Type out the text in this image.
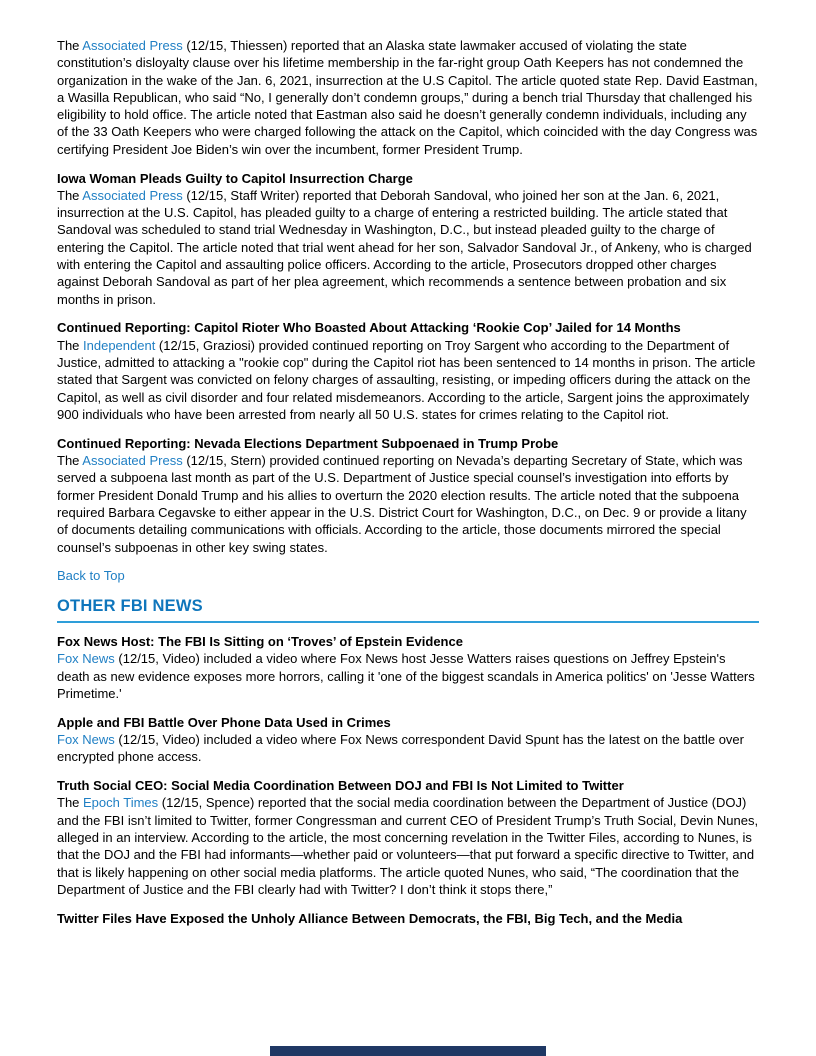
The Associated Press (12/15, Thiessen) reported that an Alaska state lawmaker accused of violating the state constitution’s disloyalty clause over his lifetime membership in the far-right group Oath Keepers has not condemned the organization in the wake of the Jan. 6, 2021, insurrection at the U.S Capitol. The article quoted state Rep. David Eastman, a Wasilla Republican, who said “No, I generally don’t condemn groups,” during a bench trial Thursday that challenged his eligibility to hold office. The article noted that Eastman also said he doesn’t generally condemn individuals, including any of the 33 Oath Keepers who were charged following the attack on the Capitol, which coincided with the day Congress was certifying President Joe Biden’s win over the incumbent, former President Trump.

Iowa Woman Pleads Guilty to Capitol Insurrection Charge

The Associated Press (12/15, Staff Writer) reported that Deborah Sandoval, who joined her son at the Jan. 6, 2021, insurrection at the U.S. Capitol, has pleaded guilty to a charge of entering a restricted building. The article stated that Sandoval was scheduled to stand trial Wednesday in Washington, D.C., but instead pleaded guilty to the charge of entering the Capitol. The article noted that trial went ahead for her son, Salvador Sandoval Jr., of Ankeny, who is charged with entering the Capitol and assaulting police officers. According to the article, Prosecutors dropped other charges against Deborah Sandoval as part of her plea agreement, which recommends a sentence between probation and six months in prison.

Continued Reporting: Capitol Rioter Who Boasted About Attacking ‘Rookie Cop’ Jailed for 14 Months

The Independent (12/15, Graziosi) provided continued reporting on Troy Sargent who according to the Department of Justice, admitted to attacking a "rookie cop" during the Capitol riot has been sentenced to 14 months in prison. The article stated that Sargent was convicted on felony charges of assaulting, resisting, or impeding officers during the attack on the Capitol, as well as civil disorder and four related misdemeanors. According to the article, Sargent joins the approximately 900 individuals who have been arrested from nearly all 50 U.S. states for crimes relating to the Capitol riot.

Continued Reporting: Nevada Elections Department Subpoenaed in Trump Probe

The Associated Press (12/15, Stern) provided continued reporting on Nevada’s departing Secretary of State, which was served a subpoena last month as part of the U.S. Department of Justice special counsel’s investigation into efforts by former President Donald Trump and his allies to overturn the 2020 election results. The article noted that the subpoena required Barbara Cegavske to either appear in the U.S. District Court for Washington, D.C., on Dec. 9 or provide a litany of documents detailing communications with officials. According to the article, those documents mirrored the special counsel’s subpoenas in other key swing states.

Back to Top

OTHER FBI NEWS
Fox News Host: The FBI Is Sitting on ‘Troves’ of Epstein Evidence

Fox News (12/15, Video) included a video where Fox News host Jesse Watters raises questions on Jeffrey Epstein's death as new evidence exposes more horrors, calling it 'one of the biggest scandals in America politics' on 'Jesse Watters Primetime.'

Apple and FBI Battle Over Phone Data Used in Crimes

Fox News (12/15, Video) included a video where Fox News correspondent David Spunt has the latest on the battle over encrypted phone access.

Truth Social CEO: Social Media Coordination Between DOJ and FBI Is Not Limited to Twitter

The Epoch Times (12/15, Spence) reported that the social media coordination between the Department of Justice (DOJ) and the FBI isn’t limited to Twitter, former Congressman and current CEO of President Trump’s Truth Social, Devin Nunes, alleged in an interview. According to the article, the most concerning revelation in the Twitter Files, according to Nunes, is that the DOJ and the FBI had informants—whether paid or volunteers—that put forward a specific directive to Twitter, and that is likely happening on other social media platforms. The article quoted Nunes, who said, “The coordination that the Department of Justice and the FBI clearly had with Twitter? I don’t think it stops there,”

Twitter Files Have Exposed the Unholy Alliance Between Democrats, the FBI, Big Tech, and the Media
